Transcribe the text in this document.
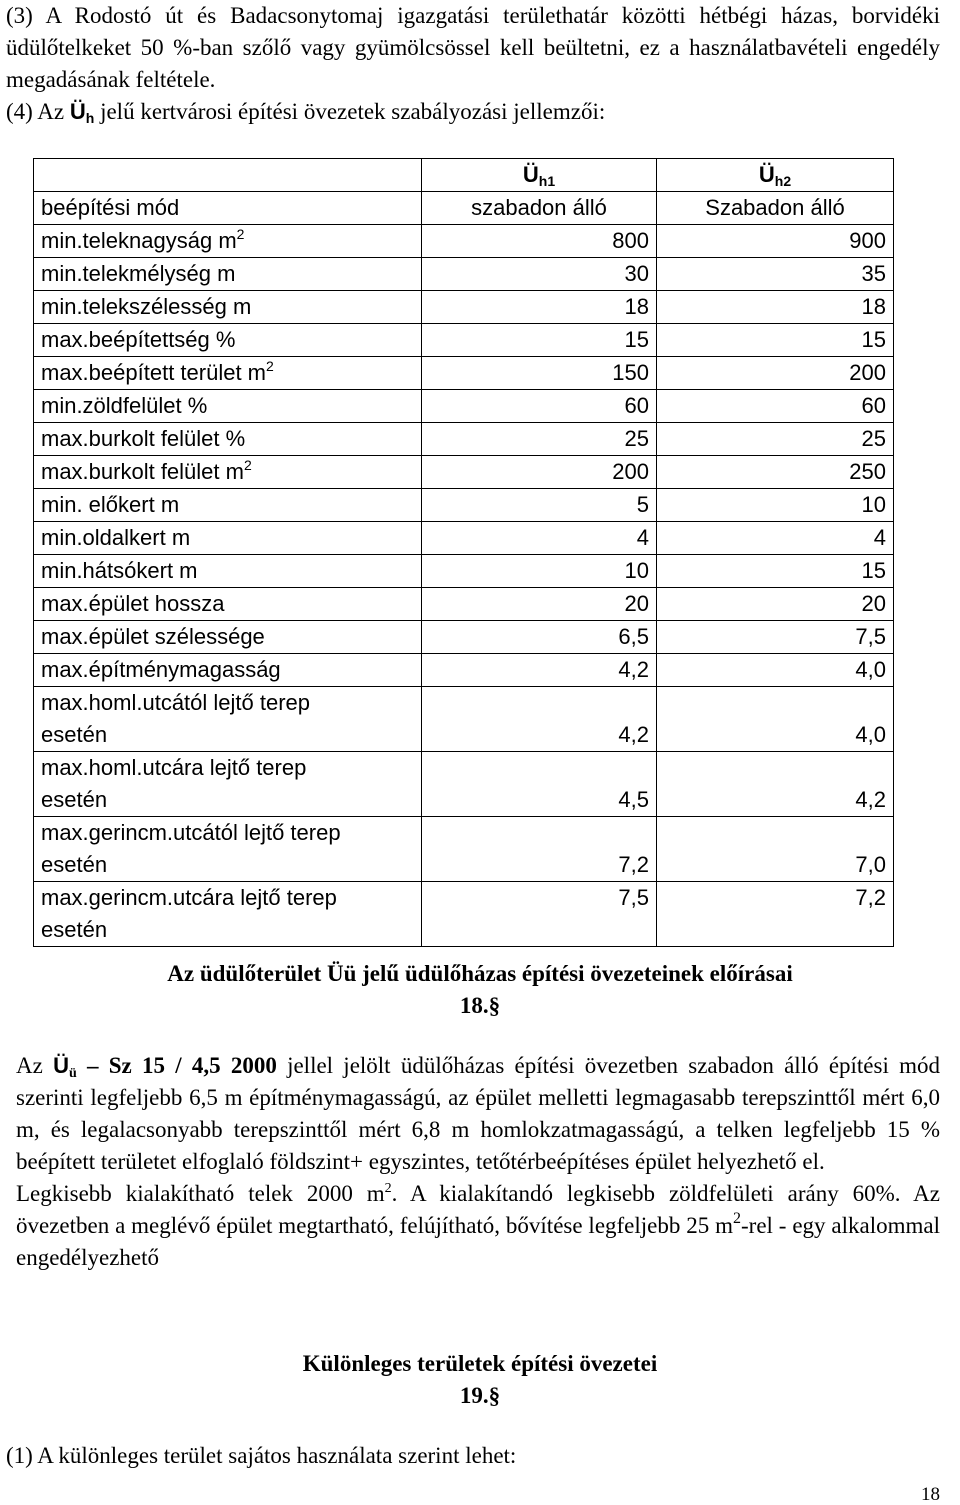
(3) A Rodostó út és Badacsonytomaj igazgatási területhatár közötti hétbégi házas, borvidéki üdülőtelkeket 50 %-ban szőlő vagy gyümölcsössel kell beültetni, ez a használatbavételi engedély megadásának feltétele.

(4) Az $Ü_h$ jelű kertvárosi építési övezetek szabályozási jellemzői:

	$Ü_{h1}$	$Ü_{h2}$
beépítési mód	szabadon álló	Szabadon álló
min.teleknagyság $m^2$	800	900
min.telekmélység m	30	35
min.telekszélesség m	18	18
max.beépítettség %	15	15
max.beépített terület $m^2$	150	200
min.zöldfelület %	60	60
max.burkolt felület %	25	25
max.burkolt felület $m^2$	200	250
min. előkert m	5	10
min.oldalkert m	4	4
min.hátsókert m	10	15
max.épület hossza	20	20
max.épület szélessége	6,5	7,5
max.építménymagasság	4,2	4,0
max.homl.utcától lejtő terep
esetén	4,2	4,0
max.homl.utcára lejtő terep
esetén	4,5	4,2
max.gerincm.utcától lejtő terep
esetén	7,2	7,0
max.gerincm.utcára lejtő terep
esetén	7,5	7,2

Az üdülőterület Üü jelű üdülőházas építési övezeteinek előírásai
18.§

Az $Ü_ü$ – Sz 15 / 4,5 2000 jellel jelölt üdülőházas építési övezetben szabadon álló építési mód szerinti legfeljebb 6,5 m építménymagasságú, az épület melletti legmagasabb terepszinttől mért 6,0 m, és legalacsonyabb terepszinttől mért 6,8 m homlokzatmagasságú, a telken legfeljebb 15 % beépített területet elfoglaló földszint+ egyszintes, tetőtérbeépítéses épület helyezhető el.
Legkisebb kialakítható telek 2000 $m^2$. A kialakítandó legkisebb zöldfelületi arány 60%. Az övezetben a meglévő épület megtartható, felújítható, bővítése legfeljebb 25 $m^2$-rel - egy alkalommal engedélyezhető

Különleges területek építési övezetei
19.§

(1) A különleges terület sajátos használata szerint lehet:

18
